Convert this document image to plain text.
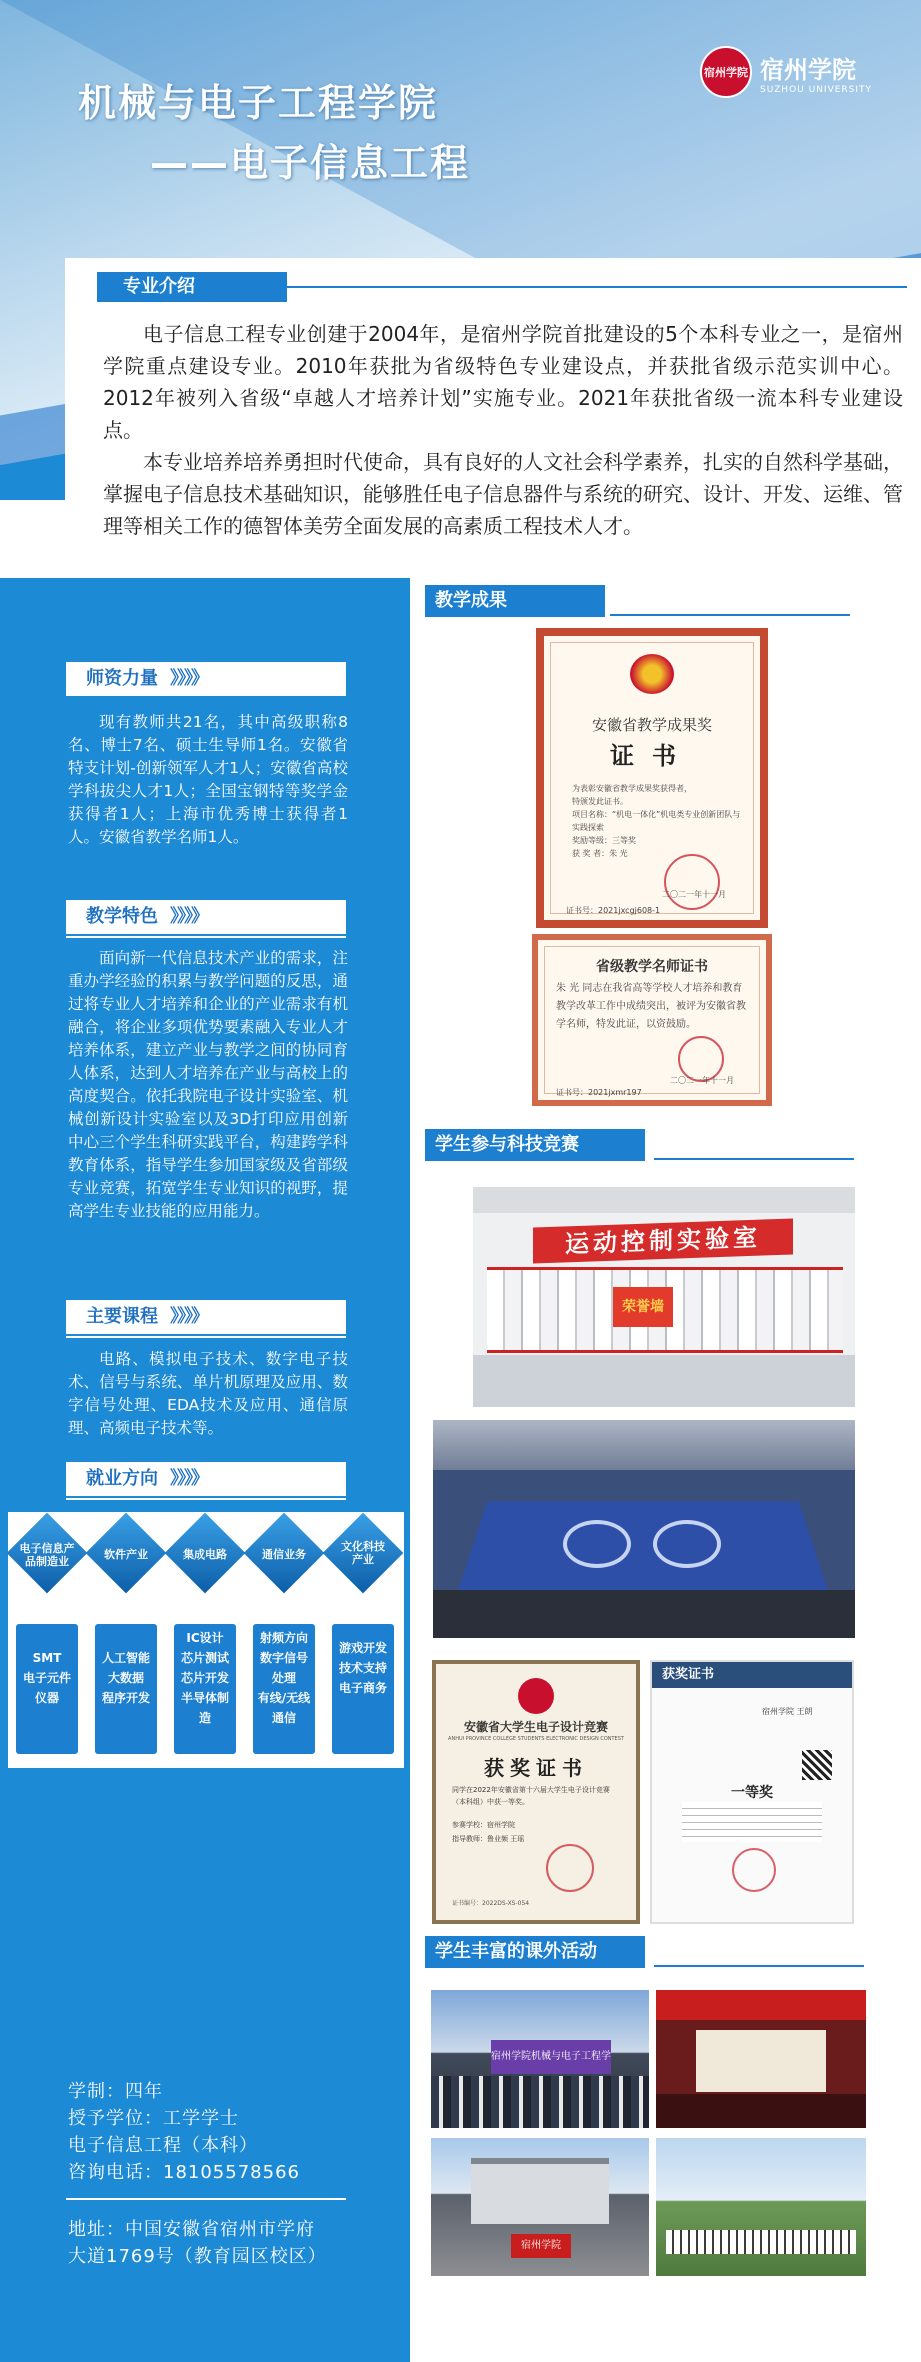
机械与电子工程学院
——电子信息工程
宿州学院 宿州学院
SUZHOU UNIVERSITY
专业介绍

电子信息工程专业创建于2004年，是宿州学院首批建设的5个本科专业之一，是宿州学院重点建设专业。2010年获批为省级特色专业建设点，并获批省级示范实训中心。2012年被列入省级“卓越人才培养计划”实施专业。2021年获批省级一流本科专业建设点。

本专业培养培养勇担时代使命，具有良好的人文社会科学素养，扎实的自然科学基础，掌握电子信息技术基础知识，能够胜任电子信息器件与系统的研究、设计、开发、运维、管理等相关工作的德智体美劳全面发展的高素质工程技术人才。

师资力量 》》》》
现有教师共21名，其中高级职称8名、博士7名、硕士生导师1名。安徽省特支计划-创新领军人才1人；安徽省高校学科拔尖人才1人；全国宝钢特等奖学金获得者1人；上海市优秀博士获得者1人。安徽省教学名师1人。
教学特色 》》》》
面向新一代信息技术产业的需求，注重办学经验的积累与教学问题的反思，通过将专业人才培养和企业的产业需求有机融合，将企业多项优势要素融入专业人才培养体系，建立产业与教学之间的协同育人体系，达到人才培养在产业与高校上的高度契合。依托我院电子设计实验室、机械创新设计实验室以及3D打印应用创新中心三个学生科研实践平台，构建跨学科教育体系，指导学生参加国家级及省部级专业竞赛，拓宽学生专业知识的视野，提高学生专业技能的应用能力。
主要课程 》》》》
电路、模拟电子技术、数字电子技术、信号与系统、单片机原理及应用、数字信号处理、EDA技术及应用、通信原理、高频电子技术等。
就业方向 》》》》
学制：四年
授予学位：工学学士
电子信息工程（本科）
咨询电话：18105578566
地址：中国安徽省宿州市学府
大道1769号（教育园区校区）
电子信息产
品制造业
软件产业	集成电路	通信业务
文化科技
产业
SMT
电子元件
仪器
人工智能
大数据
程序开发
IC设计
芯片测试
芯片开发
半导体制
造
射频方向
数字信号
处理
有线/无线
通信
游戏开发
技术支持
电子商务
教学成果
安徽省教学成果奖
证书
为表彰安徽省教学成果奖获得者，
特颁发此证书。
项目名称：“机电一体化”机电类专业创新团队与
实践探索
奖励等级：三等奖
获 奖 者：朱 光
二〇二一年十一月
证书号：2021jxcgj608-1
省级教学名师证书
朱 光 同志在我省高等学校人才培养和教育教学改革工作中成绩突出，被评为安徽省教学名师，特发此证，以资鼓励。
二〇二一年十一月
证书号：2021jxmr197
学生参与科技竞赛
运动控制实验室
荣誉墙
安徽省大学生电子设计竞赛
ANHUI PROVINCE COLLEGE STUDENTS ELECTRONIC DESIGN CONTEST
获奖证书
同学在2022年安徽省第十六届大学生电子设计竞赛（本科组）中获一等奖。
参赛学校：宿州学院
指导教师：鲁业频 王瑶
证书编号：2022DS-XS-054
获奖证书
宿州学院 王朗
一等奖
学生丰富的课外活动
宿州学院机械与电子工程学
宿州学院
